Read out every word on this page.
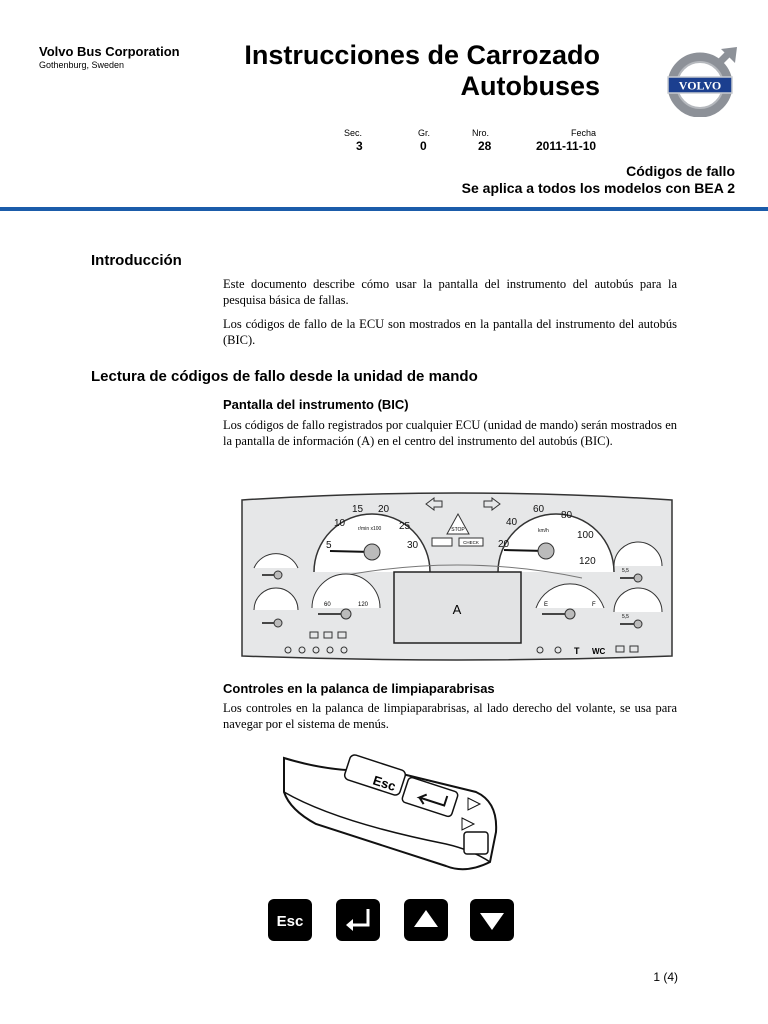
Volvo Bus Corporation
Gothenburg, Sweden	Instrucciones de Carrozado
Autobuses	VOLVO
Sec.
3
Gr.
0
Nro.
28
Fecha
2011-11-10
Códigos de fallo
Se aplica a todos los modelos con BEA 2
Introducción
Este documento describe cómo usar la pantalla del instrumento del autobús para la pesquisa básica de fallas.
Los códigos de fallo de la ECU son mostrados en la pantalla del instrumento del autobús (BIC).
Lectura de códigos de fallo desde la unidad de mando
Pantalla del instrumento (BIC)
Los códigos de fallo registrados por cualquier ECU (unidad de mando) serán mostrados en la pantalla de información (A) en el centro del instrumento del autobús (BIC).
5
10
15 20
25
30
r/min x100
20
40
60
80
100
120
km/h
STOP
CHECK
A
60	120	E	F
5,5
5,5
T WC
Controles en la palanca de limpiaparabrisas
Los controles en la palanca de limpiaparabrisas, al lado derecho del volante, se usa para navegar por el sistema de menús.
Esc
Esc
1 (4)
